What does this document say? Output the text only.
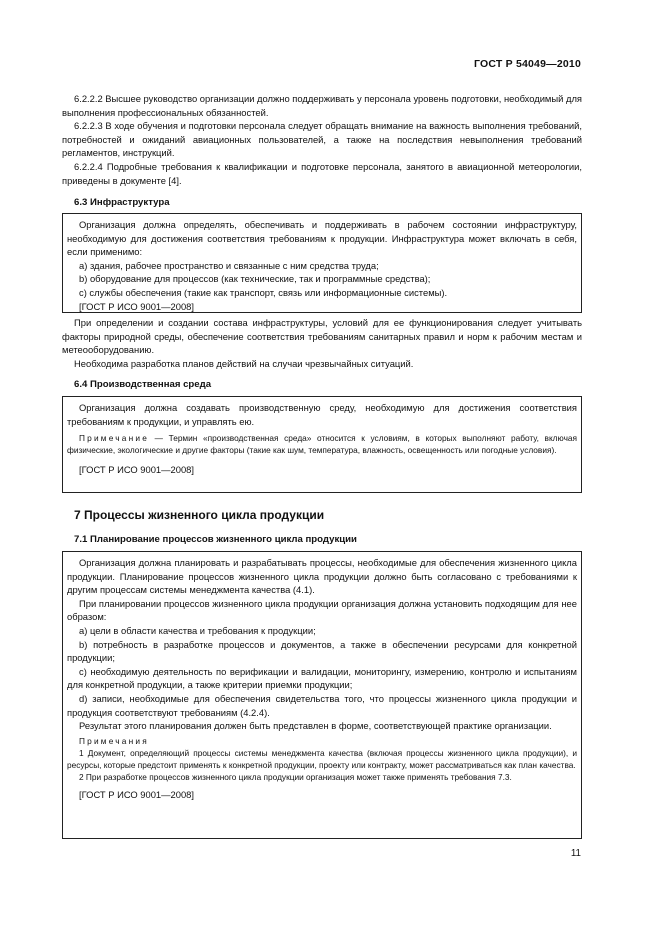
ГОСТ Р 54049—2010

6.2.2.2 Высшее руководство организации должно поддерживать у персонала уровень подготовки, необходимый для выполнения профессиональных обязанностей.

6.2.2.3 В ходе обучения и подготовки персонала следует обращать внимание на важность выполнения требований, потребностей и ожиданий авиационных пользователей, а также на последствия невыполнения требований регламентов, инструкций.

6.2.2.4 Подробные требования к квалификации и подготовке персонала, занятого в авиационной метеорологии, приведены в документе [4].

6.3 Инфраструктура

Организация должна определять, обеспечивать и поддерживать в рабочем состоянии инфраструктуру, необходимую для достижения соответствия требованиям к продукции. Инфраструктура может включать в себя, если применимо:

а) здания, рабочее пространство и связанные с ним средства труда;

b) оборудование для процессов (как технические, так и программные средства);

с) службы обеспечения (такие как транспорт, связь или информационные системы).

[ГОСТ Р ИСО 9001—2008]

При определении и создании состава инфраструктуры, условий для ее функционирования следует учитывать факторы природной среды, обеспечение соответствия требованиям санитарных правил и норм к рабочим местам и метеооборудованию.

Необходима разработка планов действий на случаи чрезвычайных ситуаций.

6.4 Производственная среда

Организация должна создавать производственную среду, необходимую для достижения соответствия требованиям к продукции, и управлять ею.

Примечание — Термин «производственная среда» относится к условиям, в которых выполняют работу, включая физические, экологические и другие факторы (такие как шум, температура, влажность, освещенность или погодные условия).

[ГОСТ Р ИСО 9001—2008]

7 Процессы жизненного цикла продукции

7.1 Планирование процессов жизненного цикла продукции

Организация должна планировать и разрабатывать процессы, необходимые для обеспечения жизненного цикла продукции. Планирование процессов жизненного цикла продукции должно быть согласовано с требованиями к другим процессам системы менеджмента качества (4.1).

При планировании процессов жизненного цикла продукции организация должна установить подходящим для нее образом:

а) цели в области качества и требования к продукции;

b) потребность в разработке процессов и документов, а также в обеспечении ресурсами для конкретной продукции;

с) необходимую деятельность по верификации и валидации, мониторингу, измерению, контролю и испытаниям для конкретной продукции, а также критерии приемки продукции;

d) записи, необходимые для обеспечения свидетельства того, что процессы жизненного цикла продукции и продукция соответствуют требованиям (4.2.4).

Результат этого планирования должен быть представлен в форме, соответствующей практике организации.

Примечания

1 Документ, определяющий процессы системы менеджмента качества (включая процессы жизненного цикла продукции), и ресурсы, которые предстоит применять к конкретной продукции, проекту или контракту, может рассматриваться как план качества.

2 При разработке процессов жизненного цикла продукции организация может также применять требования 7.3.

[ГОСТ Р ИСО 9001—2008]

11
